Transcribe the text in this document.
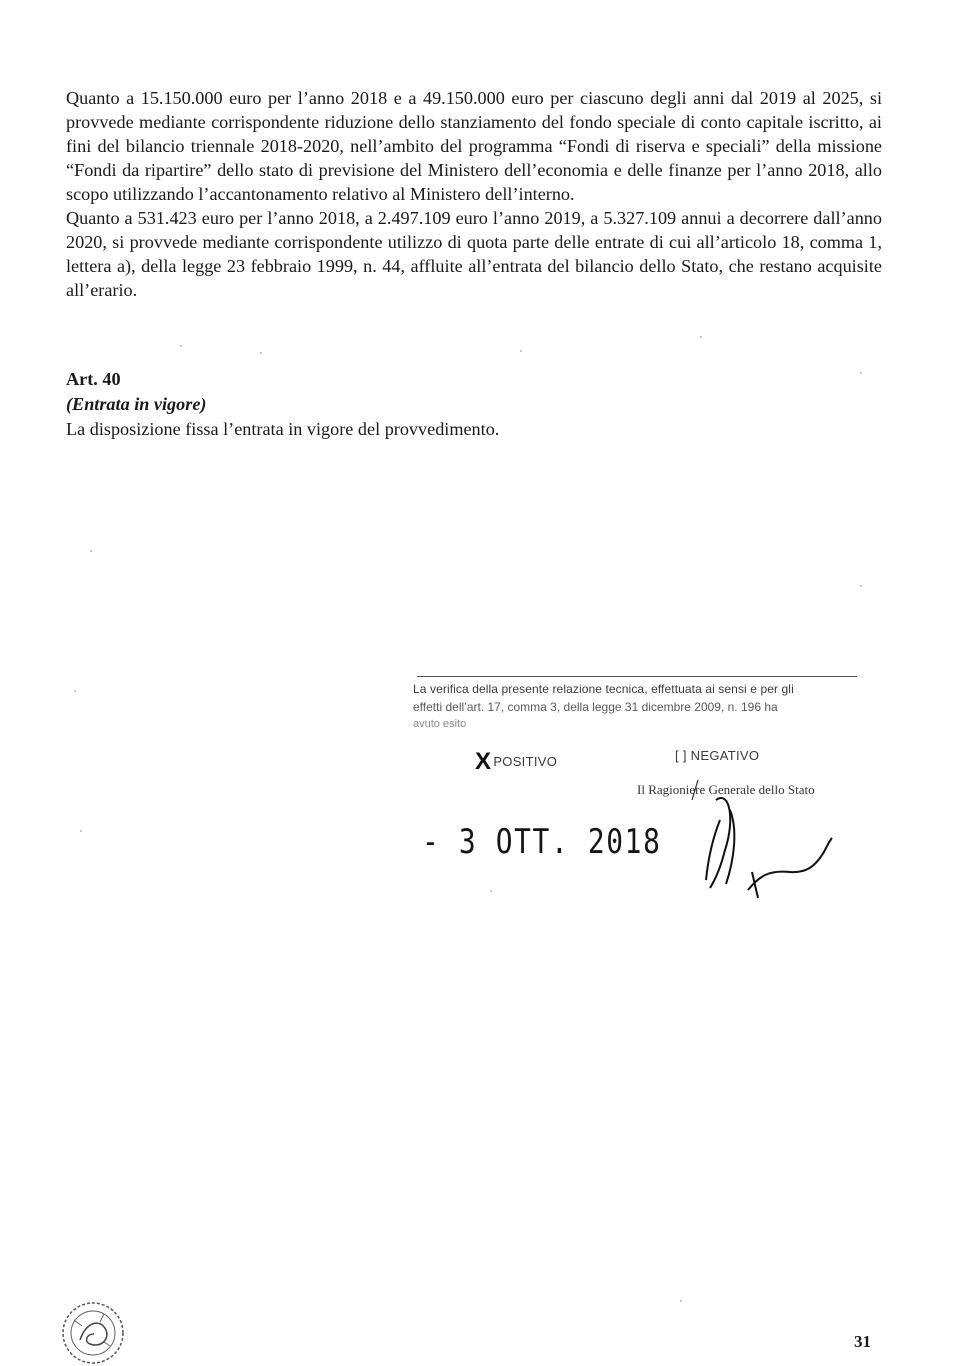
Quanto a 15.150.000 euro per l’anno 2018 e a 49.150.000 euro per ciascuno degli anni dal 2019 al 2025, si provvede mediante corrispondente riduzione dello stanziamento del fondo speciale di conto capitale iscritto, ai fini del bilancio triennale 2018-2020, nell’ambito del programma “Fondi di riserva e speciali” della missione “Fondi da ripartire” dello stato di previsione del Ministero dell’economia e delle finanze per l’anno 2018, allo scopo utilizzando l’accantonamento relativo al Ministero dell’interno.

Quanto a 531.423 euro per l’anno 2018, a 2.497.109 euro l’anno 2019, a 5.327.109 annui a decorrere dall’anno 2020, si provvede mediante corrispondente utilizzo di quota parte delle entrate di cui all’articolo 18, comma 1, lettera a), della legge 23 febbraio 1999, n. 44, affluite all’entrata del bilancio dello Stato, che restano acquisite all’erario.

Art. 40
(Entrata in vigore)
La disposizione fissa l’entrata in vigore del provvedimento.
La verifica della presente relazione tecnica, effettuata ai sensi e per gli
effetti dell’art. 17, comma 3, della legge 31 dicembre 2009, n. 196 ha
avuto esito
XPOSITIVO	[ ] NEGATIVO
Il Ragioniere Generale dello Stato
- 3 OTT. 2018
31
